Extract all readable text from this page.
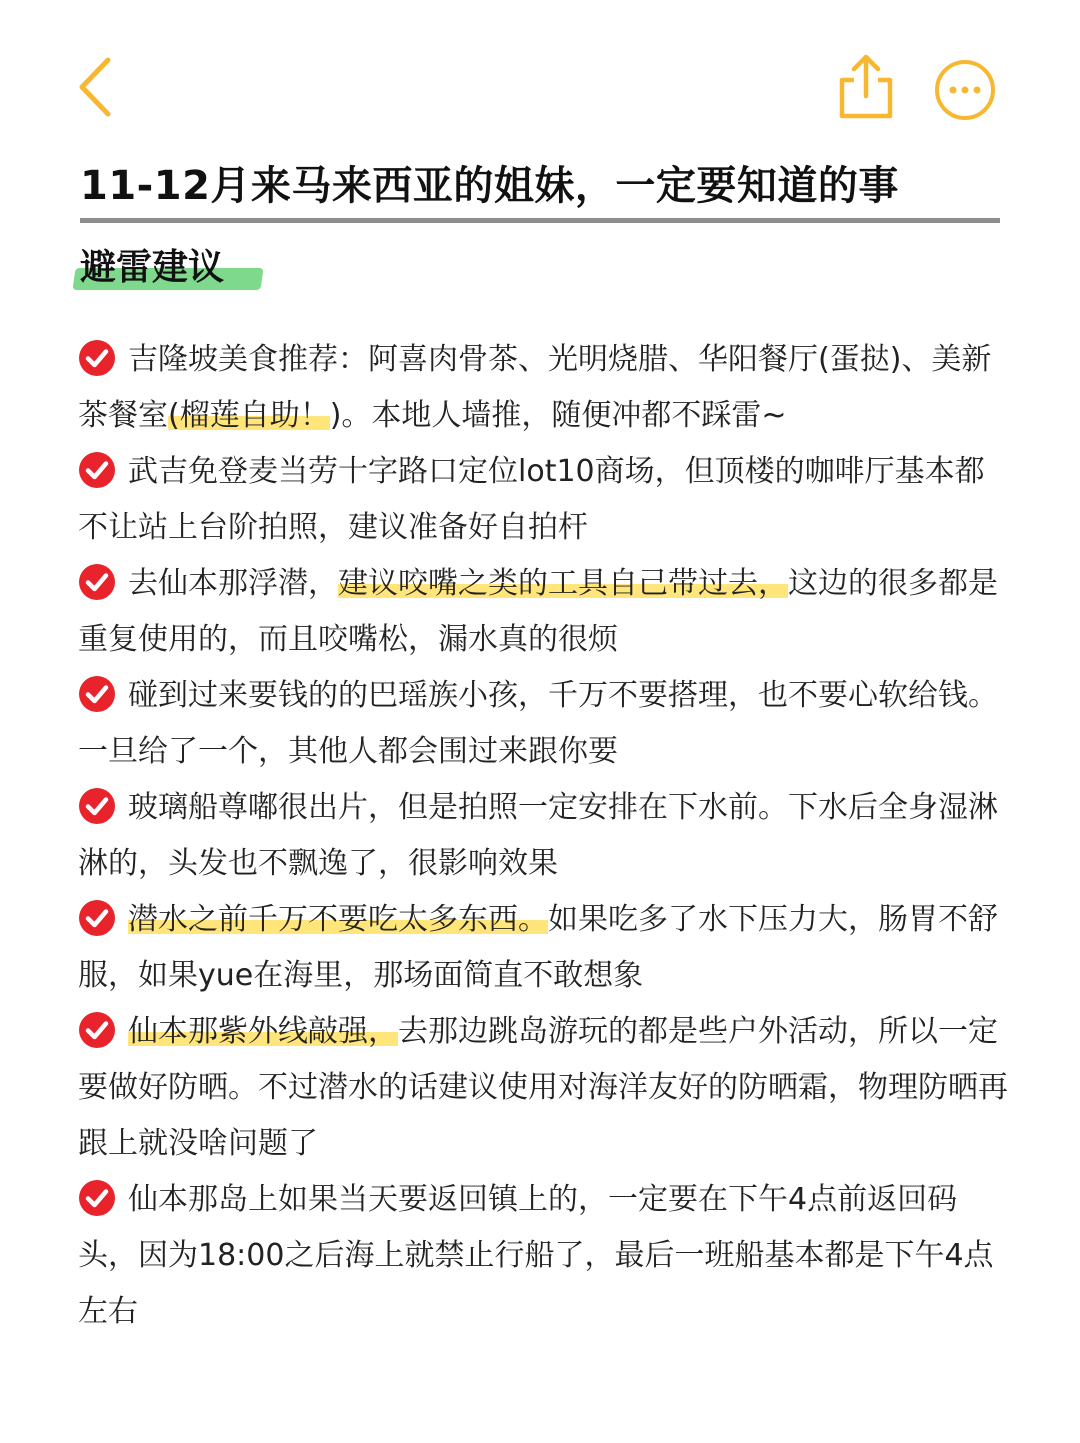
11-12月来马来西亚的姐妹，一定要知道的事
避雷建议
吉隆坡美食推荐：阿喜肉骨茶、光明烧腊、华阳餐厅(蛋挞)、美新茶餐室(榴莲自助！)。本地人墙推，随便冲都不踩雷~
武吉免登麦当劳十字路口定位lot10商场，但顶楼的咖啡厅基本都不让站上台阶拍照，建议准备好自拍杆
去仙本那浮潜，建议咬嘴之类的工具自己带过去，这边的很多都是重复使用的，而且咬嘴松，漏水真的很烦
碰到过来要钱的的巴瑶族小孩，千万不要搭理，也不要心软给钱。一旦给了一个，其他人都会围过来跟你要
玻璃船尊嘟很出片，但是拍照一定安排在下水前。下水后全身湿淋淋的，头发也不飘逸了，很影响效果
潜水之前千万不要吃太多东西。如果吃多了水下压力大，肠胃不舒服，如果yue在海里，那场面简直不敢想象
仙本那紫外线敲强，去那边跳岛游玩的都是些户外活动，所以一定要做好防晒。不过潜水的话建议使用对海洋友好的防晒霜，物理防晒再跟上就没啥问题了
仙本那岛上如果当天要返回镇上的，一定要在下午4点前返回码头，因为18:00之后海上就禁止行船了，最后一班船基本都是下午4点左右
